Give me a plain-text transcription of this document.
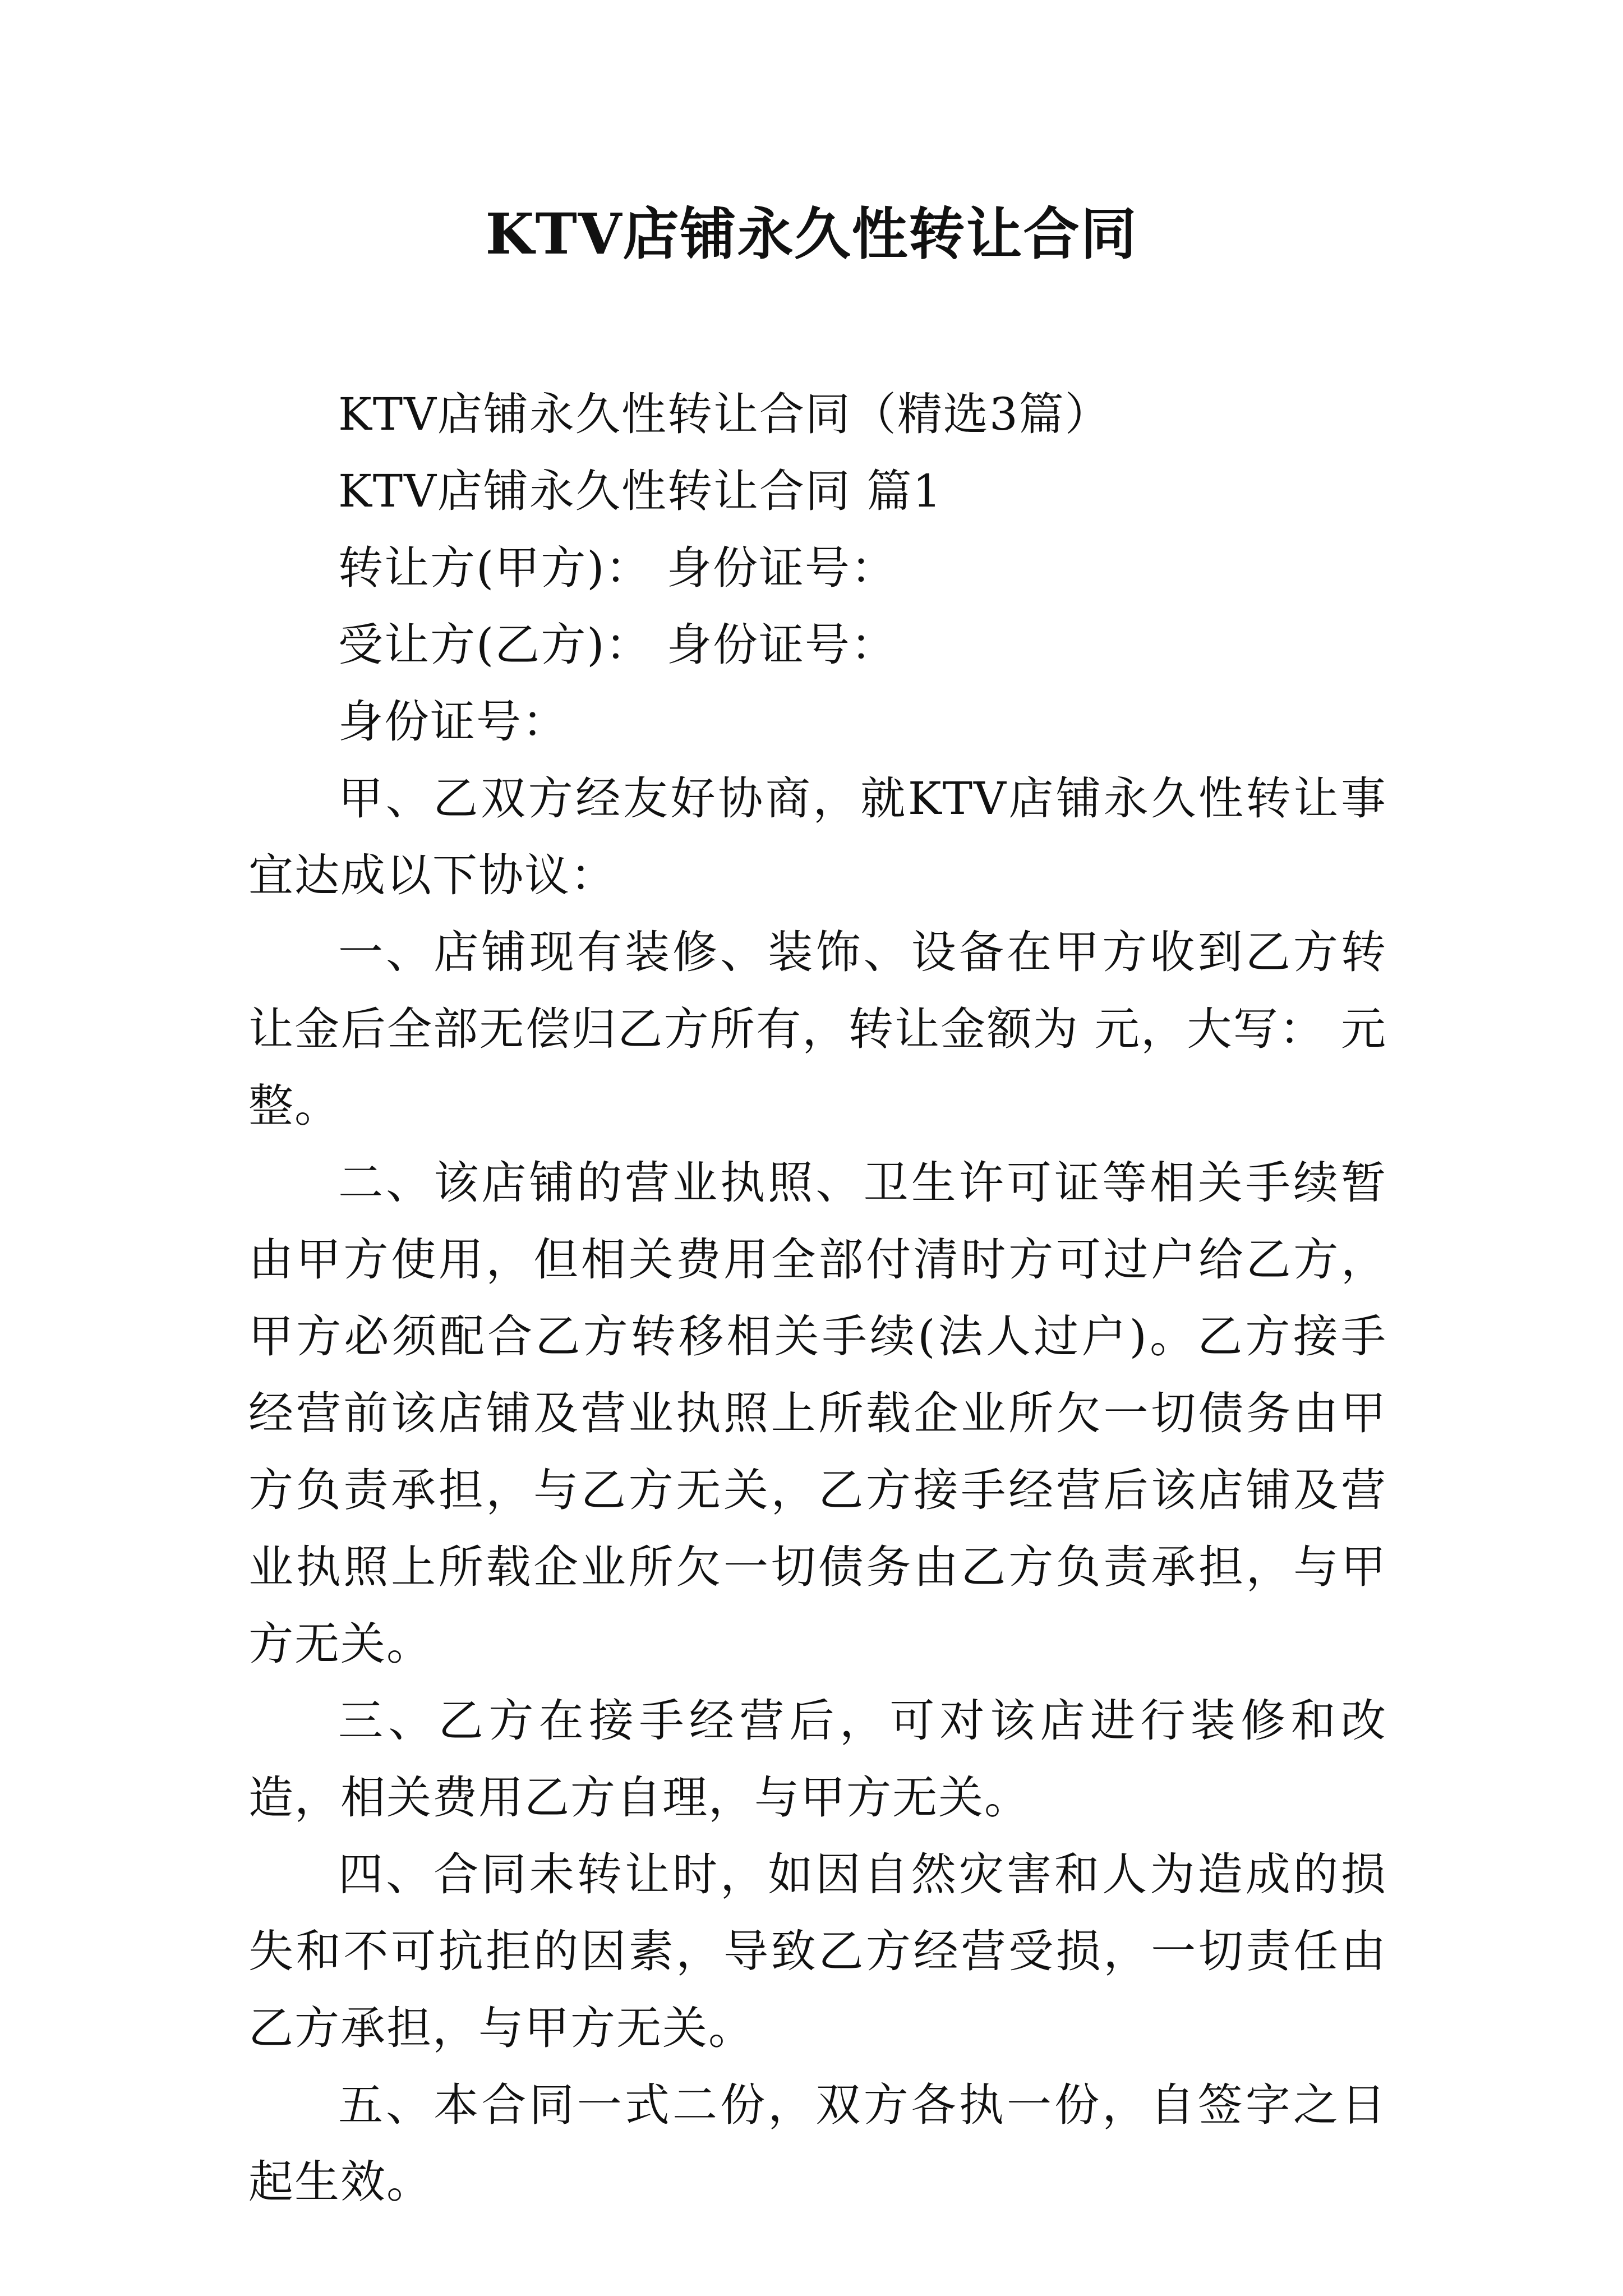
KTV店铺永久性转让合同

KTV店铺永久性转让合同（精选3篇）

KTV店铺永久性转让合同 篇1

转让方(甲方)： 身份证号：

受让方(乙方)： 身份证号：

身份证号：

甲、乙双方经友好协商，就KTV店铺永久性转让事宜达成以下协议：

一、店铺现有装修、装饰、设备在甲方收到乙方转让金后全部无偿归乙方所有，转让金额为 元，大写： 元整。

二、该店铺的营业执照、卫生许可证等相关手续暂由甲方使用，但相关费用全部付清时方可过户给乙方，甲方必须配合乙方转移相关手续(法人过户)。乙方接手经营前该店铺及营业执照上所载企业所欠一切债务由甲方负责承担，与乙方无关，乙方接手经营后该店铺及营业执照上所载企业所欠一切债务由乙方负责承担，与甲方无关。

三、乙方在接手经营后，可对该店进行装修和改造，相关费用乙方自理，与甲方无关。

四、合同未转让时，如因自然灾害和人为造成的损失和不可抗拒的因素，导致乙方经营受损，一切责任由乙方承担，与甲方无关。

五、本合同一式二份，双方各执一份，自签字之日起生效。
